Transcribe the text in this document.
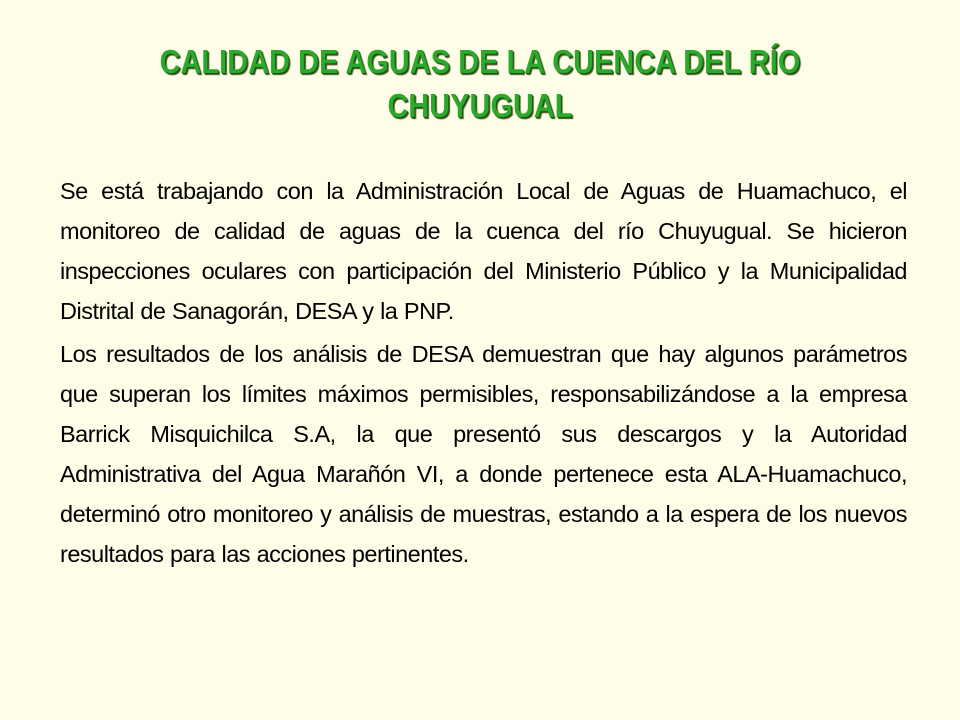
CALIDAD DE AGUAS DE LA CUENCA DEL RÍO
CHUYUGUAL

Se está trabajando con la Administración Local de Aguas de Huamachuco, el monitoreo de calidad de aguas de la cuenca del río Chuyugual. Se hicieron inspecciones oculares con participación del Ministerio Público y la Municipalidad Distrital de Sanagorán, DESA y la PNP.

Los resultados de los análisis de DESA demuestran que hay algunos parámetros que superan los límites máximos permisibles, responsabilizándose a la empresa Barrick Misquichilca S.A, la que presentó sus descargos y la Autoridad Administrativa del Agua Marañón VI, a donde pertenece esta ALA-Huamachuco, determinó otro monitoreo y análisis de muestras, estando a la espera de los nuevos resultados para las acciones pertinentes.
